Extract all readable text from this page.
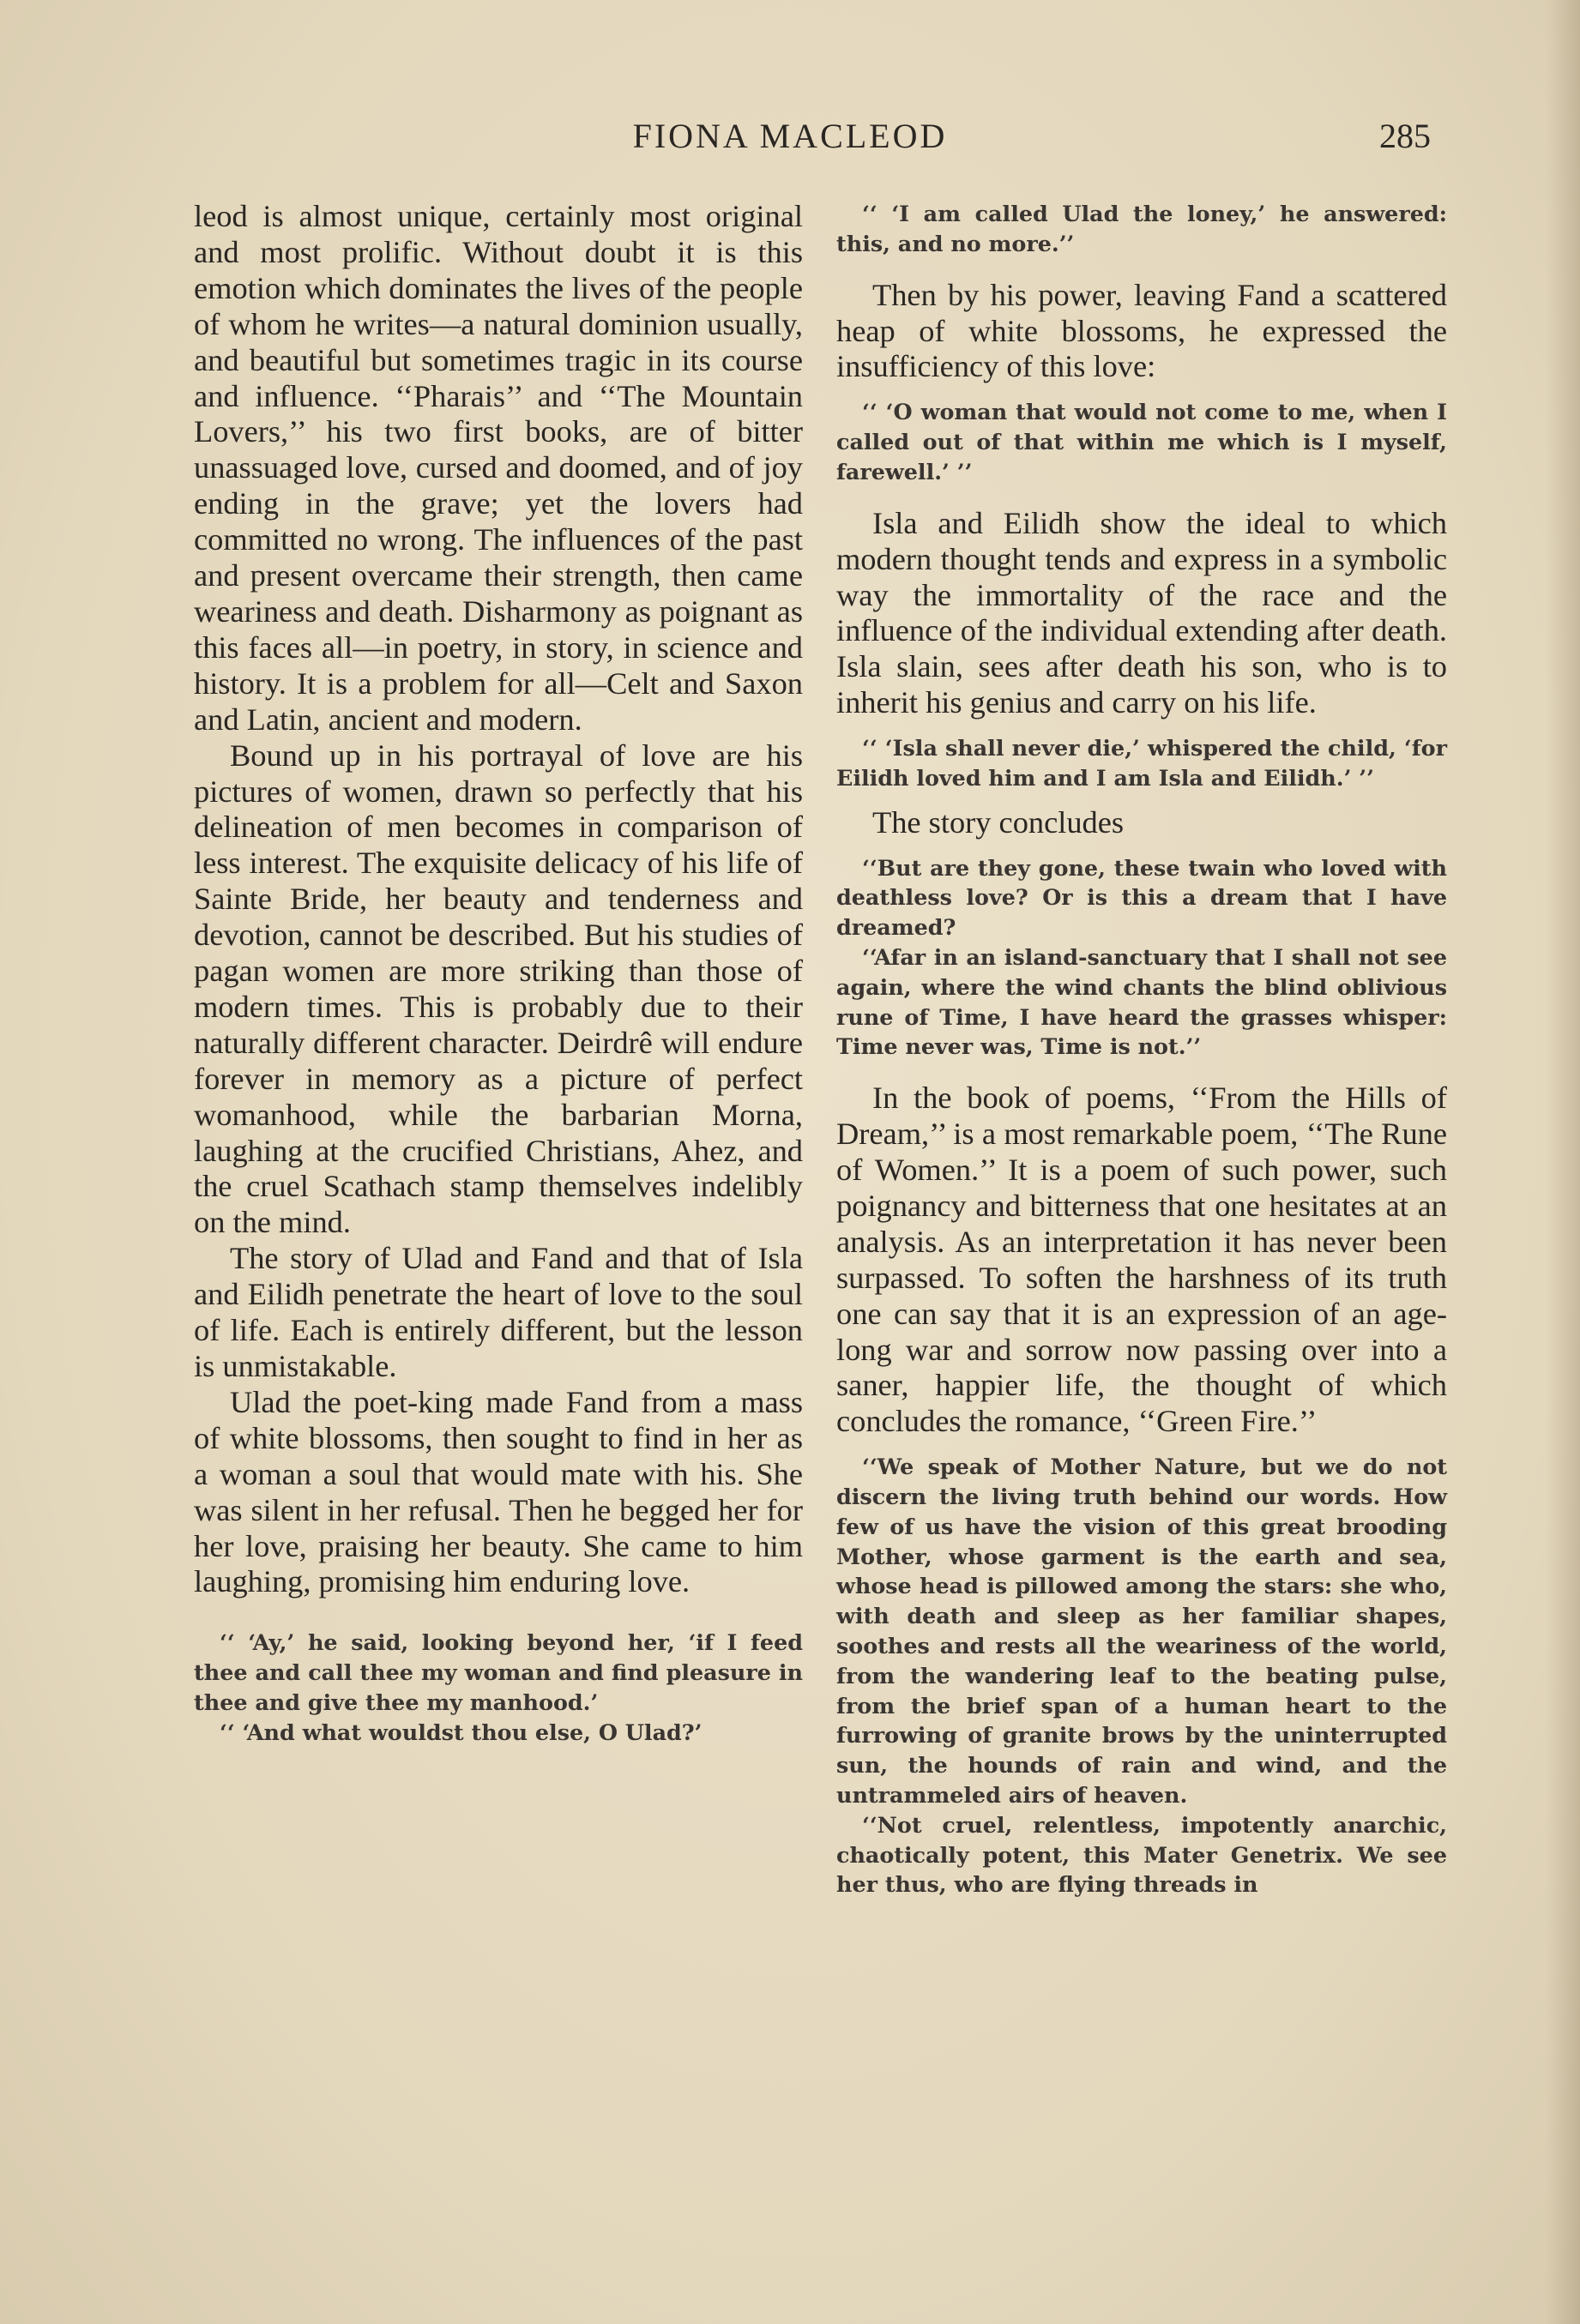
FIONA MACLEOD	285

leod is almost unique, certainly most original and most prolific. Without doubt it is this emotion which dominates the lives of the people of whom he writes—a natural dominion usually, and beautiful but sometimes tragic in its course and influence. ‘‘Pharais’’ and ‘‘The Mountain Lovers,’’ his two first books, are of bitter unassuaged love, cursed and doomed, and of joy ending in the grave; yet the lovers had committed no wrong. The influences of the past and present overcame their strength, then came weariness and death. Disharmony as poignant as this faces all—in poetry, in story, in science and history. It is a problem for all—Celt and Saxon and Latin, ancient and modern.

Bound up in his portrayal of love are his pictures of women, drawn so perfectly that his delineation of men becomes in comparison of less interest. The exquisite delicacy of his life of Sainte Bride, her beauty and tenderness and devotion, cannot be described. But his studies of pagan women are more striking than those of modern times. This is probably due to their naturally different character. Deirdrê will endure forever in memory as a picture of perfect womanhood, while the barbarian Morna, laughing at the crucified Christians, Ahez, and the cruel Scathach stamp themselves indelibly on the mind.

The story of Ulad and Fand and that of Isla and Eilidh penetrate the heart of love to the soul of life. Each is entirely different, but the lesson is unmistakable.

Ulad the poet-king made Fand from a mass of white blossoms, then sought to find in her as a woman a soul that would mate with his. She was silent in her refusal. Then he begged her for her love, praising her beauty. She came to him laughing, promising him enduring love.

‘‘ ‘Ay,’ he said, looking beyond her, ‘if I feed thee and call thee my woman and find pleasure in thee and give thee my manhood.’

‘‘ ‘And what wouldst thou else, O Ulad?’

‘‘ ‘I am called Ulad the loney,’ he answered: this, and no more.’’

Then by his power, leaving Fand a scattered heap of white blossoms, he expressed the insufficiency of this love:

‘‘ ‘O woman that would not come to me, when I called out of that within me which is I myself, farewell.’ ’’

Isla and Eilidh show the ideal to which modern thought tends and express in a symbolic way the immortality of the race and the influence of the individual extending after death. Isla slain, sees after death his son, who is to inherit his genius and carry on his life.

‘‘ ‘Isla shall never die,’ whispered the child, ‘for Eilidh loved him and I am Isla and Eilidh.’ ’’

The story concludes

‘‘But are they gone, these twain who loved with deathless love? Or is this a dream that I have dreamed?

‘‘Afar in an island-sanctuary that I shall not see again, where the wind chants the blind oblivious rune of Time, I have heard the grasses whisper: Time never was, Time is not.’’

In the book of poems, ‘‘From the Hills of Dream,’’ is a most remarkable poem, ‘‘The Rune of Women.’’ It is a poem of such power, such poignancy and bitterness that one hesitates at an analysis. As an interpretation it has never been surpassed. To soften the harshness of its truth one can say that it is an expression of an age-long war and sorrow now passing over into a saner, happier life, the thought of which concludes the romance, ‘‘Green Fire.’’

‘‘We speak of Mother Nature, but we do not discern the living truth behind our words. How few of us have the vision of this great brooding Mother, whose garment is the earth and sea, whose head is pillowed among the stars: she who, with death and sleep as her familiar shapes, soothes and rests all the weariness of the world, from the wandering leaf to the beating pulse, from the brief span of a human heart to the furrowing of granite brows by the uninterrupted sun, the hounds of rain and wind, and the untrammeled airs of heaven.

‘‘Not cruel, relentless, impotently anarchic, chaotically potent, this Mater Genetrix. We see her thus, who are flying threads in
